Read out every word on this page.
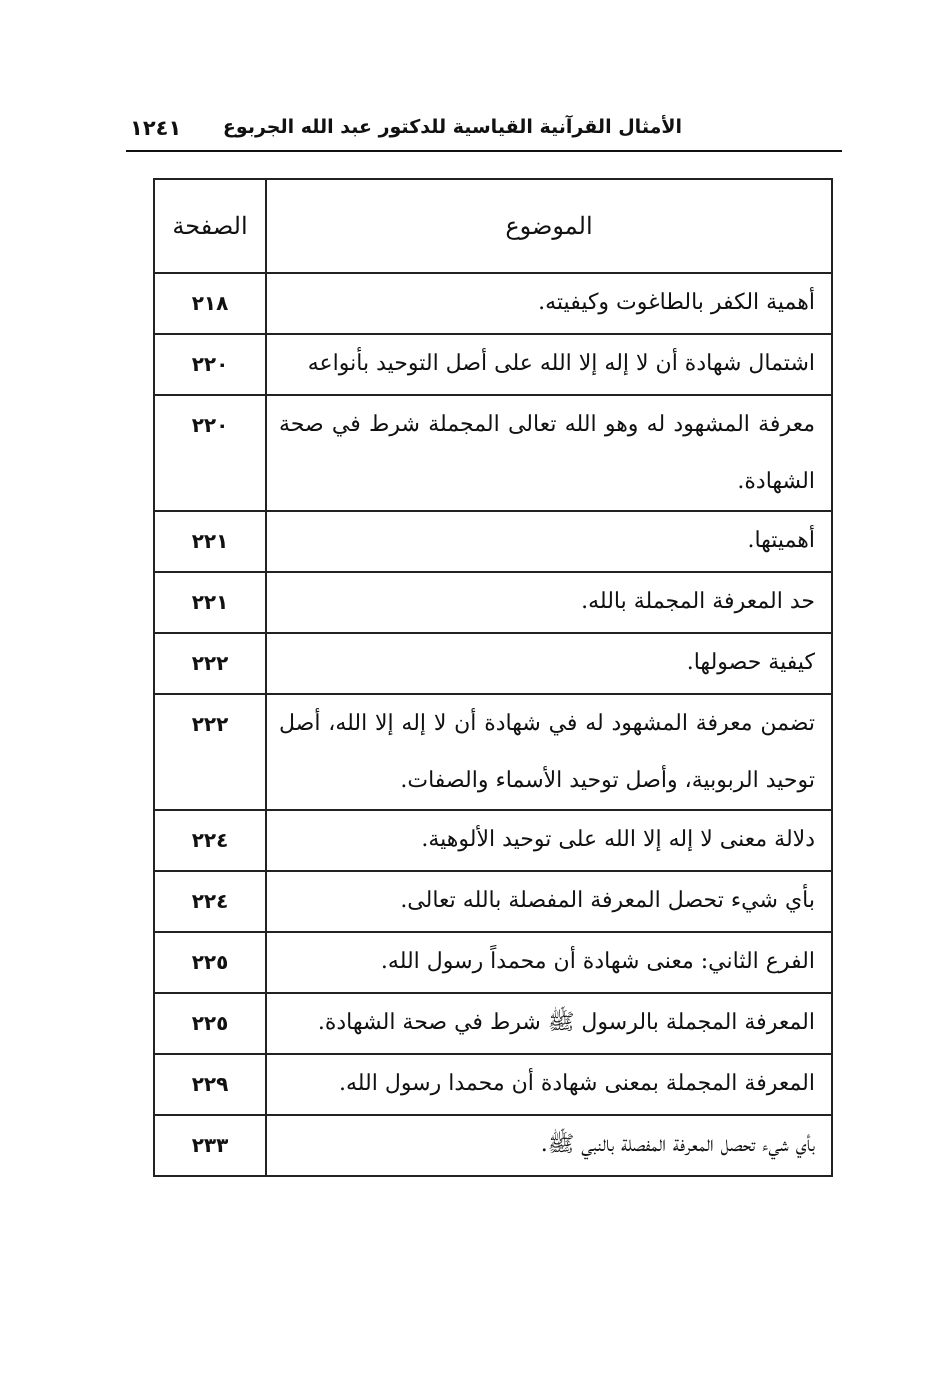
١٢٤١ الأمثال القرآنية القياسية للدكتور عبد الله الجربوع
الموضوع	الصفحة
أهمية الكفر بالطاغوت وكيفيته.	٢١٨
اشتمال شهادة أن لا إله إلا الله على أصل التوحيد بأنواعه	٢٢٠
معرفة المشهود له وهو الله تعالى المجملة شرط في صحة الشهادة.	٢٢٠
أهميتها.	٢٢١
حد المعرفة المجملة بالله.	٢٢١
كيفية حصولها.	٢٢٢
تضمن معرفة المشهود له في شهادة أن لا إله إلا الله، أصل توحيد الربوبية، وأصل توحيد الأسماء والصفات.	٢٢٢
دلالة معنى لا إله إلا الله على توحيد الألوهية.	٢٢٤
بأي شيء تحصل المعرفة المفصلة بالله تعالى.	٢٢٤
الفرع الثاني: معنى شهادة أن محمداً رسول الله.	٢٢٥
المعرفة المجملة بالرسول ﷺ شرط في صحة الشهادة.	٢٢٥
المعرفة المجملة بمعنى شهادة أن محمدا رسول الله.	٢٢٩
بأي شيء تحصل المعرفة المفصلة بالنبي ﷺ.	٢٣٣
